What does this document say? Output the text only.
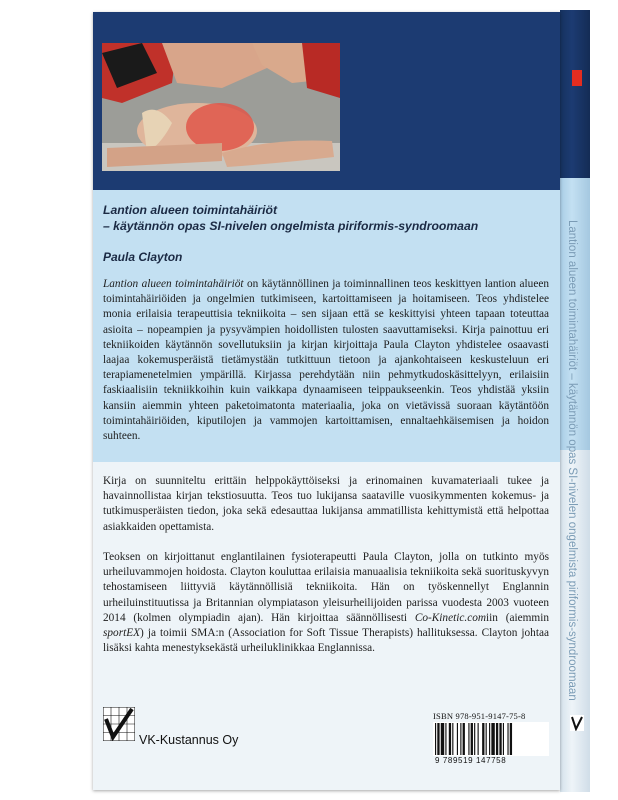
Lantion alueen toimintahäiriöt – käytännön opas SI-nivelen ongelmista piriformis-syndroomaan

Lantion alueen toimintahäiriöt
– käytännön opas SI-nivelen ongelmista piriformis-syndroomaan

Paula Clayton

Lantion alueen toimintahäiriöt on käytännöllinen ja toiminnallinen teos keskittyen lantion alueen toimintahäiriöiden ja ongelmien tutkimiseen, kartoittamiseen ja hoitamiseen. Teos yhdistelee monia erilaisia terapeuttisia tekniikoita – sen sijaan että se keskittyisi yhteen tapaan toteuttaa asioita – nopeampien ja pysyvämpien hoidollisten tulosten saavuttamiseksi. Kirja painottuu eri tekniikoiden käytännön sovellutuksiin ja kirjan kirjoittaja Paula Clayton yhdistelee osaavasti laajaa kokemusperäistä tietämystään tutkittuun tietoon ja ajankohtaiseen keskusteluun eri terapiamenetelmien ympärillä. Kirjassa perehdytään niin pehmytkudoskäsittelyyn, erilaisiin faskiaalisiin tekniikkoihin kuin vaikkapa dynaamiseen teippaukseenkin. Teos yhdistää yksiin kansiin aiemmin yhteen paketoimatonta materiaalia, joka on vietävissä suoraan käytäntöön toimintahäiriöiden, kiputilojen ja vammojen kartoittamisen, ennaltaehkäisemisen ja hoidon suhteen.

Kirja on suunniteltu erittäin helppokäyttöiseksi ja erinomainen kuvamateriaali tukee ja havainnollistaa kirjan tekstiosuutta. Teos tuo lukijansa saataville vuosikymmenten kokemus- ja tutkimusperäisten tiedon, joka sekä edesauttaa lukijansa ammatillista kehittymistä että helpottaa asiakkaiden opettamista.

Teoksen on kirjoittanut englantilainen fysioterapeutti Paula Clayton, jolla on tutkinto myös urheiluvammojen hoidosta. Clayton kouluttaa erilaisia manuaalisia tekniikoita sekä suorituskyvyn tehostamiseen liittyviä käytännöllisiä tekniikoita. Hän on työskennellyt Englannin urheiluinstituutissa ja Britannian olympiatason yleisurheilijoiden parissa vuodesta 2003 vuoteen 2014 (kolmen olympiadin ajan). Hän kirjoittaa säännöllisesti Co-Kinetic.comiin (aiemmin sportEX) ja toimii SMA:n (Association for Soft Tissue Therapists) hallituksessa. Clayton johtaa lisäksi kahta menestyksekästä urheiluklinikkaa Englannissa.

VK-Kustannus Oy
ISBN 978-951-9147-75-8
9 789519 147758
